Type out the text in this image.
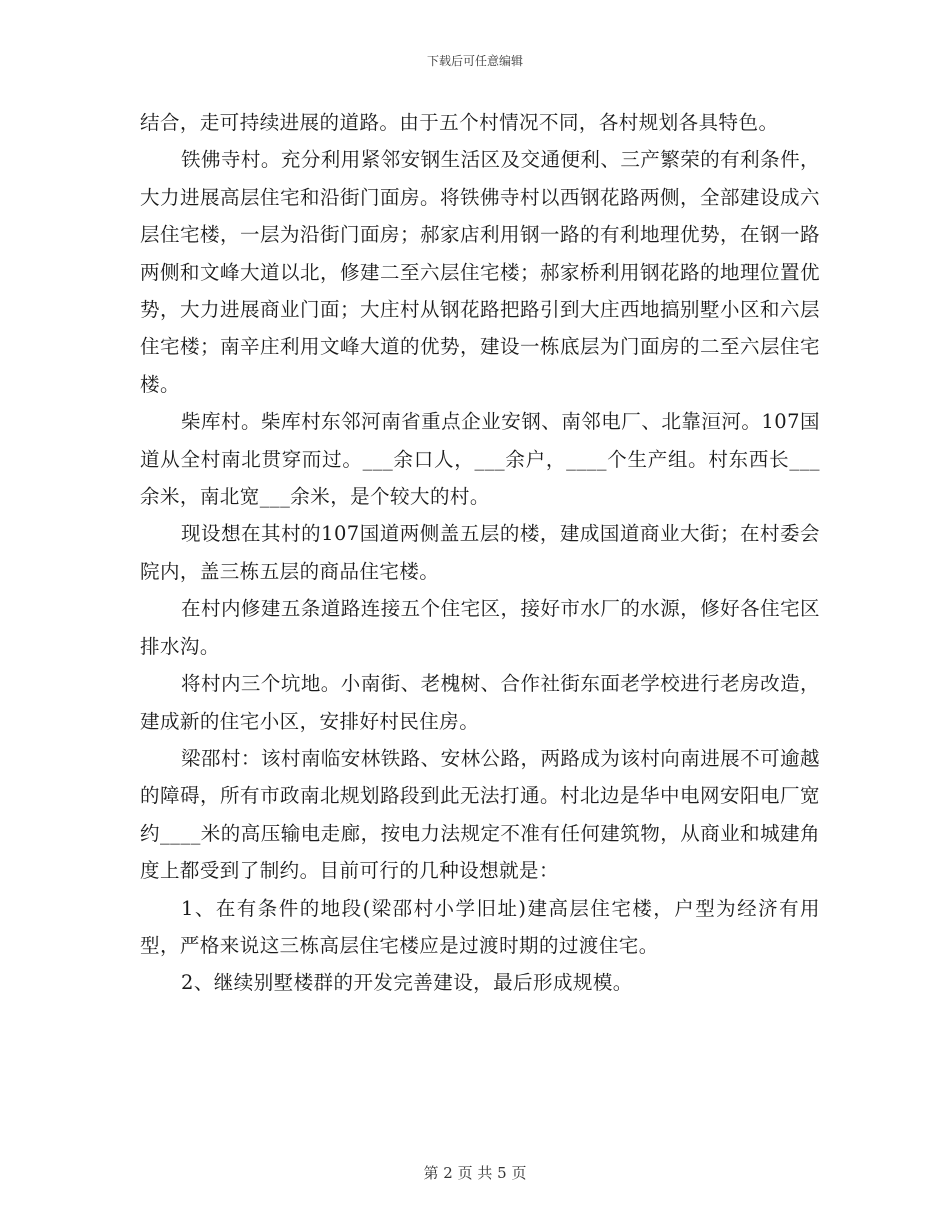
下载后可任意编辑

结合，走可持续进展的道路。由于五个村情况不同，各村规划各具特色。

铁佛寺村。充分利用紧邻安钢生活区及交通便利、三产繁荣的有利条件，大力进展高层住宅和沿街门面房。将铁佛寺村以西钢花路两侧，全部建设成六层住宅楼，一层为沿街门面房；郝家店利用钢一路的有利地理优势，在钢一路两侧和文峰大道以北，修建二至六层住宅楼；郝家桥利用钢花路的地理位置优势，大力进展商业门面；大庄村从钢花路把路引到大庄西地搞别墅小区和六层住宅楼；南辛庄利用文峰大道的优势，建设一栋底层为门面房的二至六层住宅楼。

柴库村。柴库村东邻河南省重点企业安钢、南邻电厂、北靠洹河。107国道从全村南北贯穿而过。___余口人，___余户，____个生产组。村东西长___余米，南北宽___余米，是个较大的村。

现设想在其村的107国道两侧盖五层的楼，建成国道商业大街；在村委会院内，盖三栋五层的商品住宅楼。

在村内修建五条道路连接五个住宅区，接好市水厂的水源，修好各住宅区排水沟。

将村内三个坑地。小南街、老槐树、合作社街东面老学校进行老房改造，建成新的住宅小区，安排好村民住房。

梁邵村：该村南临安林铁路、安林公路，两路成为该村向南进展不可逾越的障碍，所有市政南北规划路段到此无法打通。村北边是华中电网安阳电厂宽约____米的高压输电走廊，按电力法规定不准有任何建筑物，从商业和城建角度上都受到了制约。目前可行的几种设想就是：

1、在有条件的地段(梁邵村小学旧址)建高层住宅楼，户型为经济有用型，严格来说这三栋高层住宅楼应是过渡时期的过渡住宅。

2、继续别墅楼群的开发完善建设，最后形成规模。

第 2 页 共 5 页
